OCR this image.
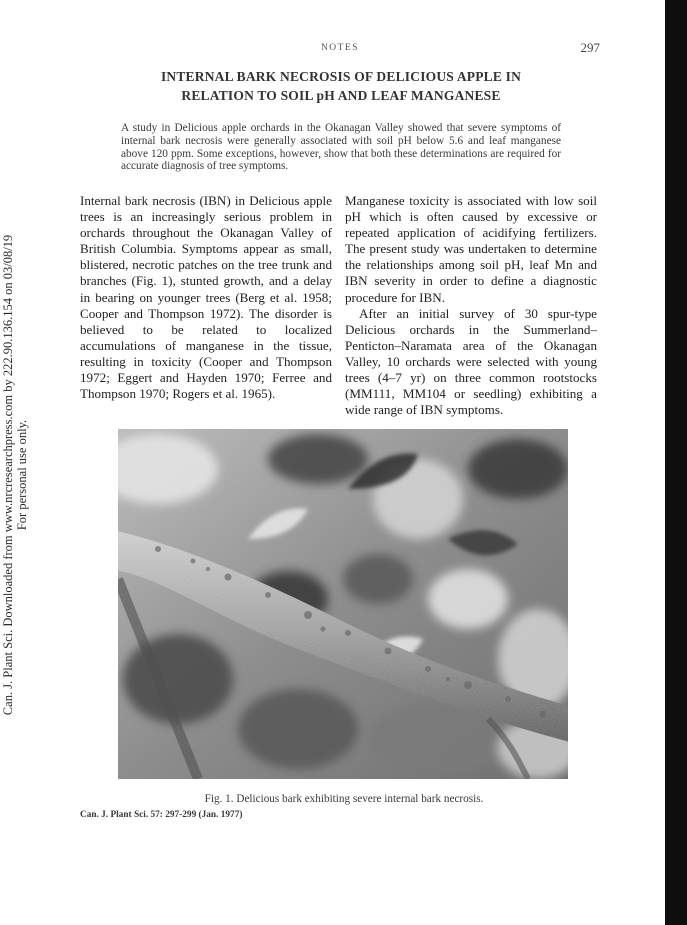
Can. J. Plant Sci. Downloaded from www.nrcresearchpress.com by 222.90.136.154 on 03/08/19 For personal use only.
NOTES	297
INTERNAL BARK NECROSIS OF DELICIOUS APPLE IN
RELATION TO SOIL pH AND LEAF MANGANESE
A study in Delicious apple orchards in the Okanagan Valley showed that severe symptoms of internal bark necrosis were generally associated with soil pH below 5.6 and leaf manganese above 120 ppm. Some exceptions, however, show that both these determinations are required for accurate diagnosis of tree symptoms.

Internal bark necrosis (IBN) in Delicious apple trees is an increasingly serious problem in orchards throughout the Okanagan Valley of British Columbia. Symptoms appear as small, blistered, necrotic patches on the tree trunk and branches (Fig. 1), stunted growth, and a delay in bearing on younger trees (Berg et al. 1958; Cooper and Thompson 1972). The disorder is believed to be related to localized accumulations of manganese in the tissue, resulting in toxicity (Cooper and Thompson 1972; Eggert and Hayden 1970; Ferree and Thompson 1970; Rogers et al. 1965).

Manganese toxicity is associated with low soil pH which is often caused by excessive or repeated application of acidifying fertilizers. The present study was undertaken to determine the relationships among soil pH, leaf Mn and IBN severity in order to define a diagnostic procedure for IBN.

After an initial survey of 30 spur-type Delicious orchards in the Summerland–Penticton–Naramata area of the Okanagan Valley, 10 orchards were selected with young trees (4–7 yr) on three common rootstocks (MM111, MM104 or seedling) exhibiting a wide range of IBN symptoms.

Fig. 1. Delicious bark exhibiting severe internal bark necrosis.
Can. J. Plant Sci. 57: 297-299 (Jan. 1977)
